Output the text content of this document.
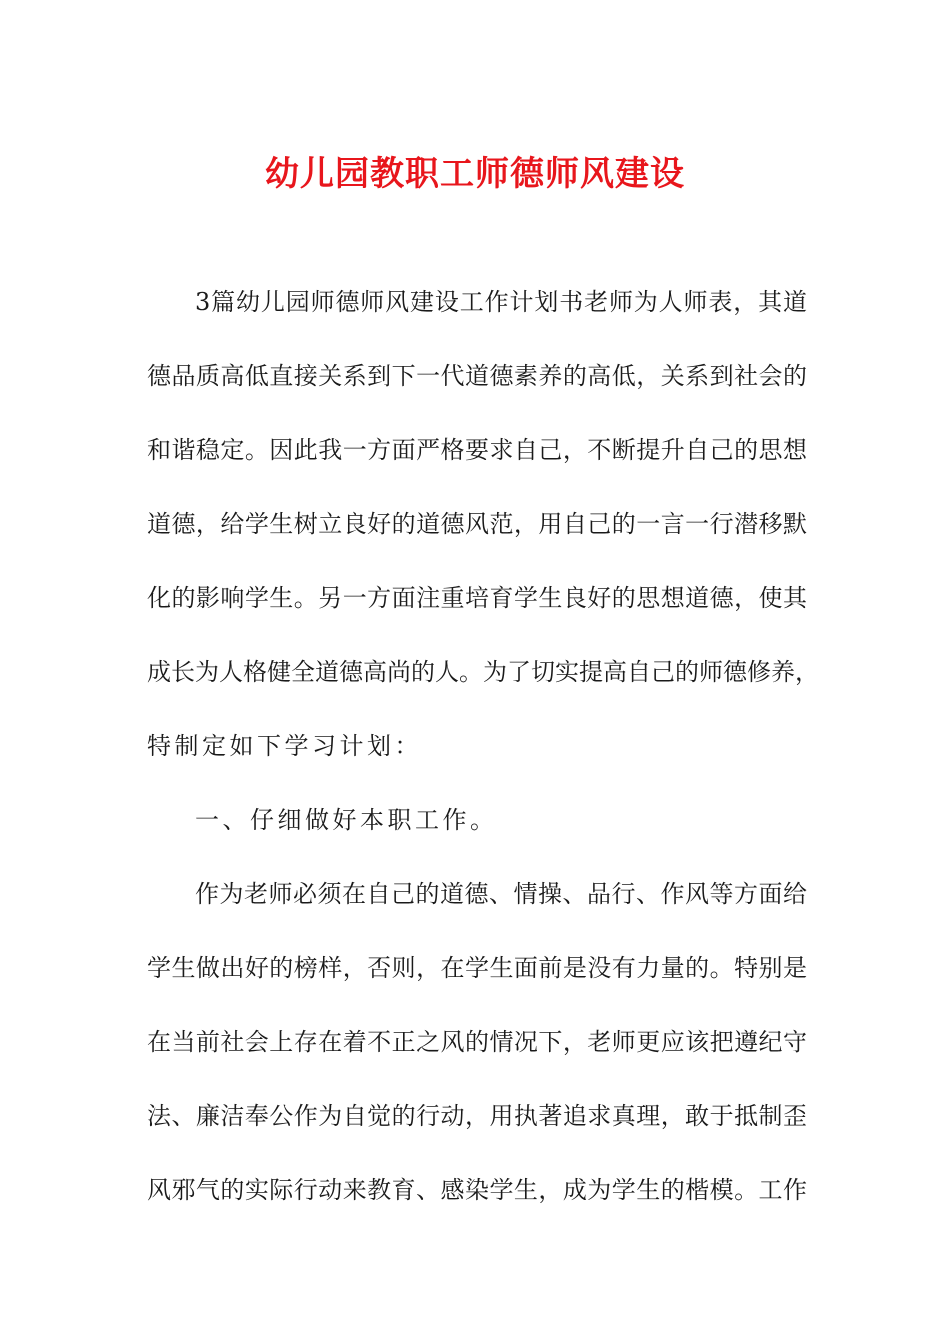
幼儿园教职工师德师风建设
3篇幼儿园师德师风建设工作计划书老师为人师表，其道
德品质高低直接关系到下一代道德素养的高低，关系到社会的
和谐稳定。因此我一方面严格要求自己，不断提升自己的思想
道德，给学生树立良好的道德风范，用自己的一言一行潜移默
化的影响学生。另一方面注重培育学生良好的思想道德，使其
成长为人格健全道德高尚的人。为了切实提高自己的师德修养，
特制定如下学习计划：
一、仔细做好本职工作。
作为老师必须在自己的道德、情操、品行、作风等方面给
学生做出好的榜样，否则，在学生面前是没有力量的。特别是
在当前社会上存在着不正之风的情况下，老师更应该把遵纪守
法、廉洁奉公作为自觉的行动，用执著追求真理，敢于抵制歪
风邪气的实际行动来教育、感染学生，成为学生的楷模。工作
